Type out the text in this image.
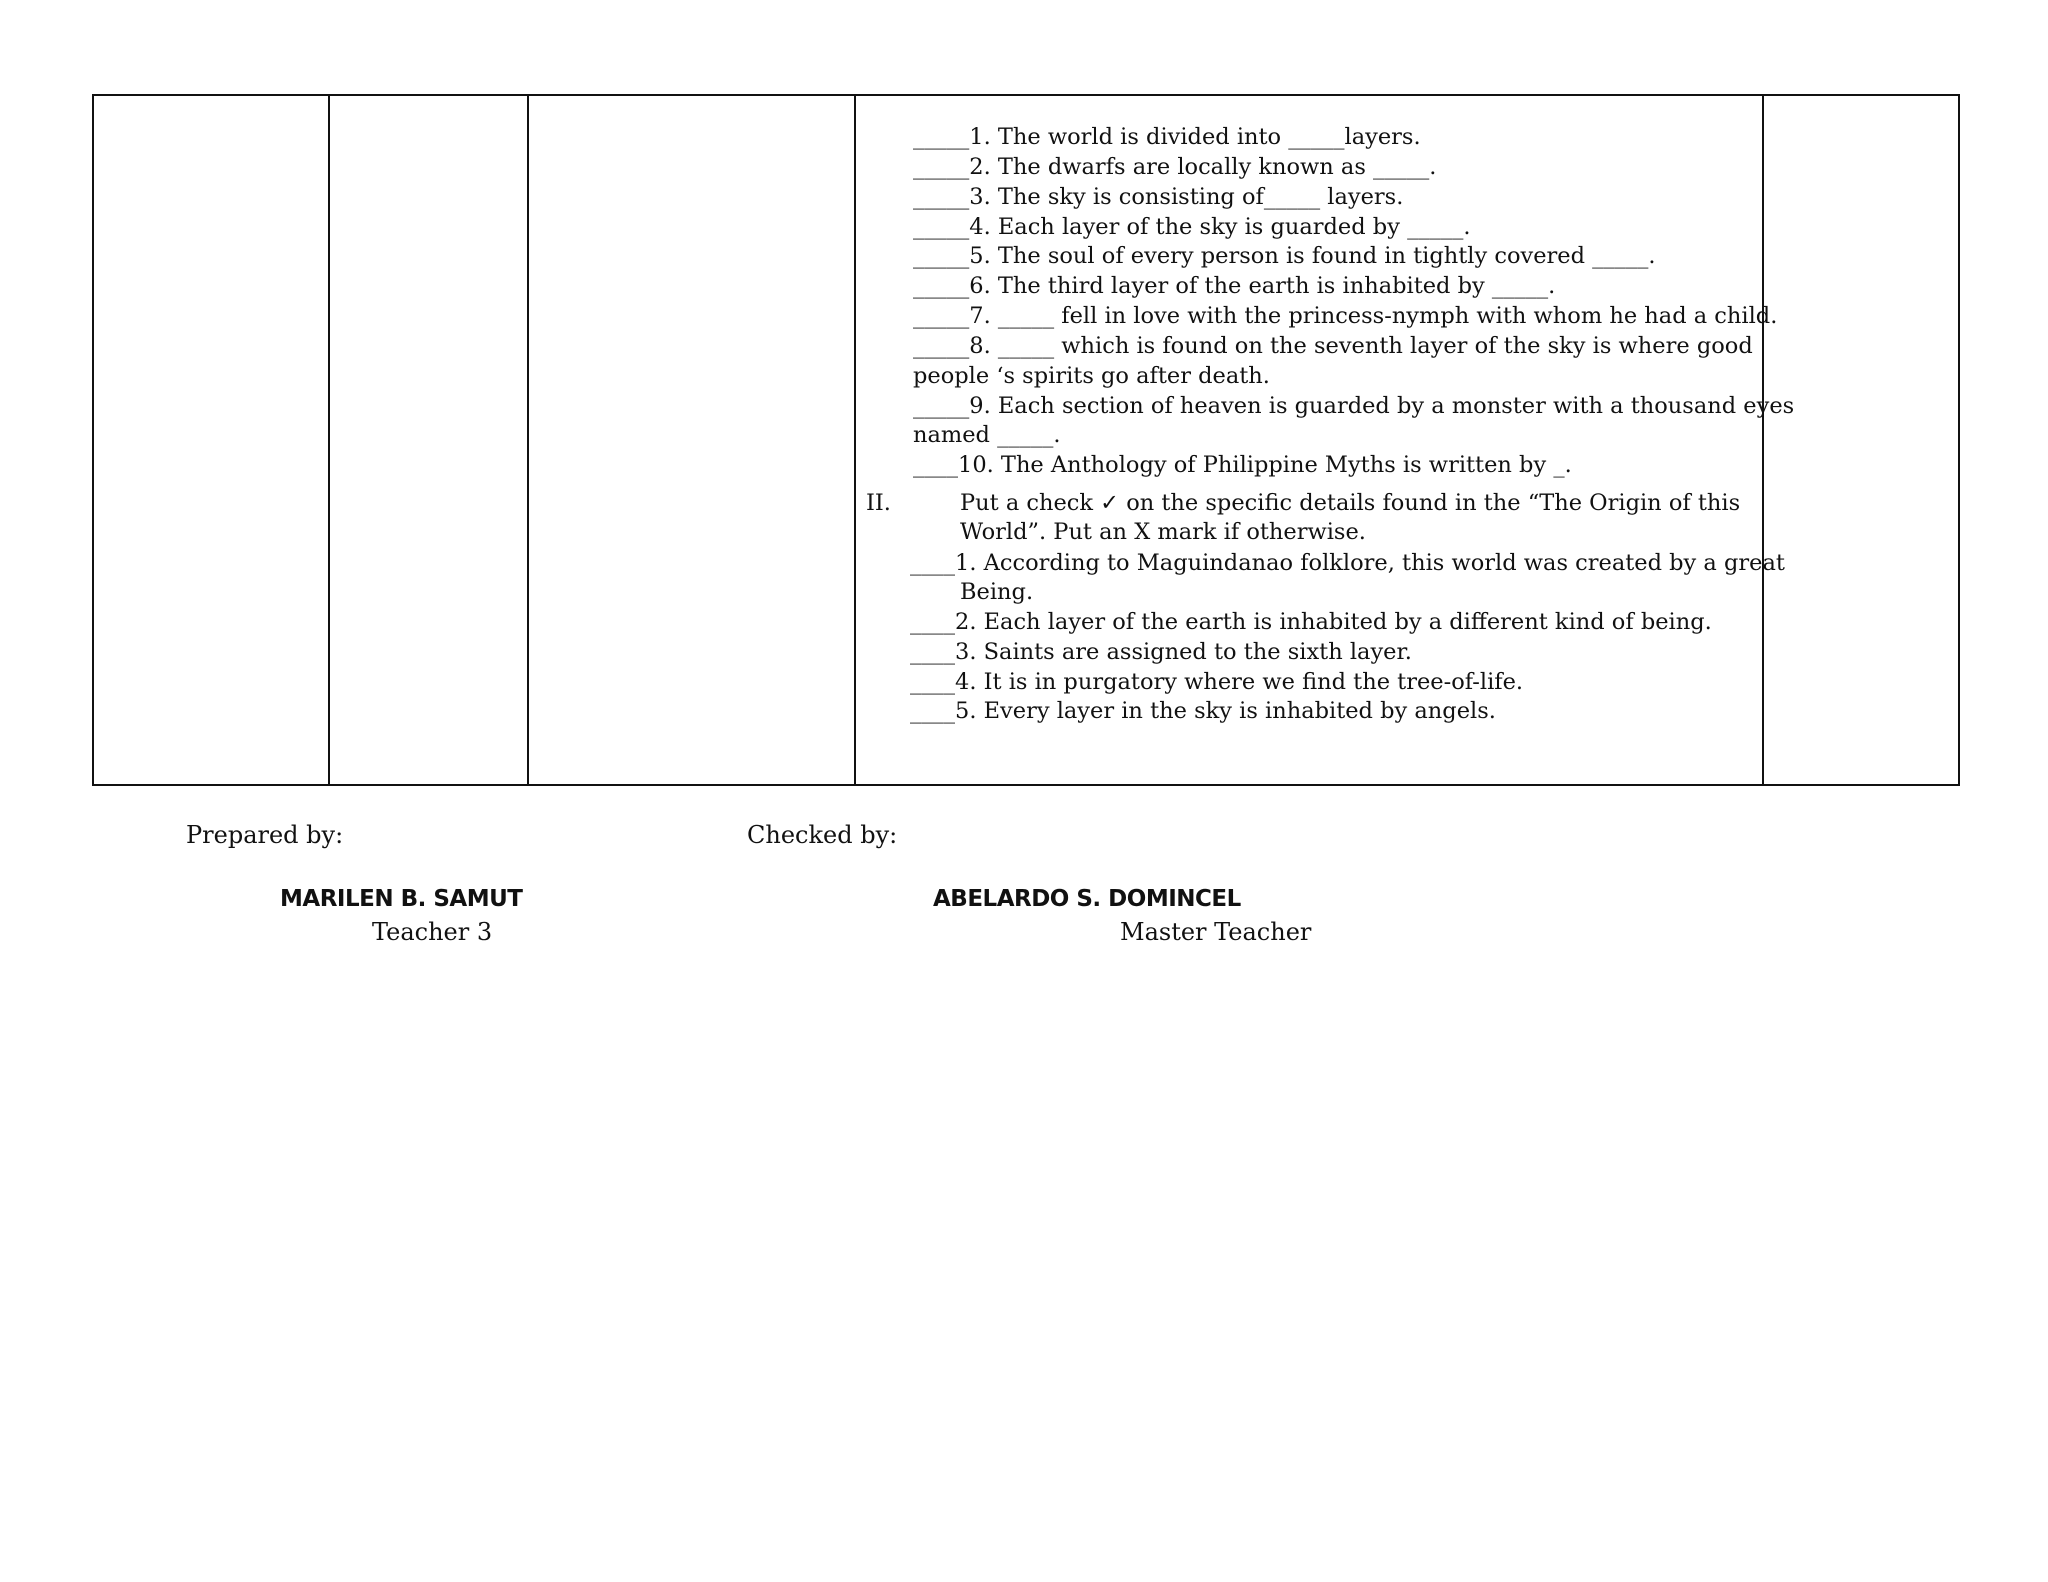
_____1. The world is divided into _____layers.
_____2. The dwarfs are locally known as _____.
_____3. The sky is consisting of_____ layers.
_____4. Each layer of the sky is guarded by _____.
_____5. The soul of every person is found in tightly covered _____.
_____6. The third layer of the earth is inhabited by _____.
_____7. _____ fell in love with the princess-nymph with whom he had a child.
_____8. _____ which is found on the seventh layer of the sky is where good
people ‘s spirits go after death.
_____9. Each section of heaven is guarded by a monster with a thousand eyes
named _____.
____10. The Anthology of Philippine Myths is written by _.
II.	Put a check ✓ on the specific details found in the “The Origin of this
World”. Put an X mark if otherwise.
____1. According to Maguindanao folklore, this world was created by a great
Being.
____2. Each layer of the earth is inhabited by a different kind of being.
____3. Saints are assigned to the sixth layer.
____4. It is in purgatory where we find the tree-of-life.
____5. Every layer in the sky is inhabited by angels.
Prepared by:	Checked by:
MARILEN B. SAMUT
Teacher 3
ABELARDO S. DOMINCEL
Master Teacher
